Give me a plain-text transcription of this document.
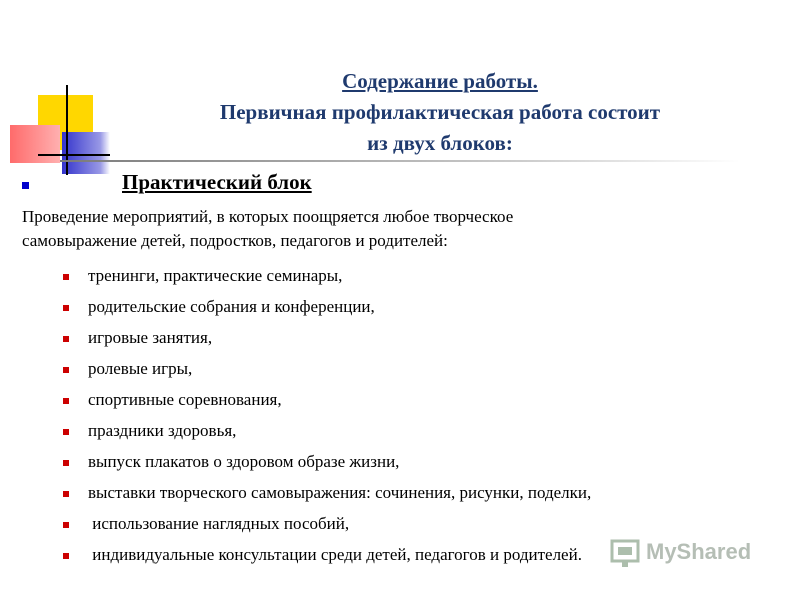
Содержание работы.
Первичная профилактическая работа состоит
из двух блоков:
Практический блок
Проведение мероприятий, в которых поощряется любое творческое
самовыражение детей, подростков, педагогов и родителей:
тренинги, практические семинары,
родительские собрания и конференции,
игровые занятия,
ролевые игры,
спортивные соревнования,
праздники здоровья,
выпуск плакатов о здоровом образе жизни,
выставки творческого самовыражения: сочинения, рисунки, поделки,
использование наглядных пособий,
индивидуальные консультации среди детей, педагогов и родителей.	MyShared
